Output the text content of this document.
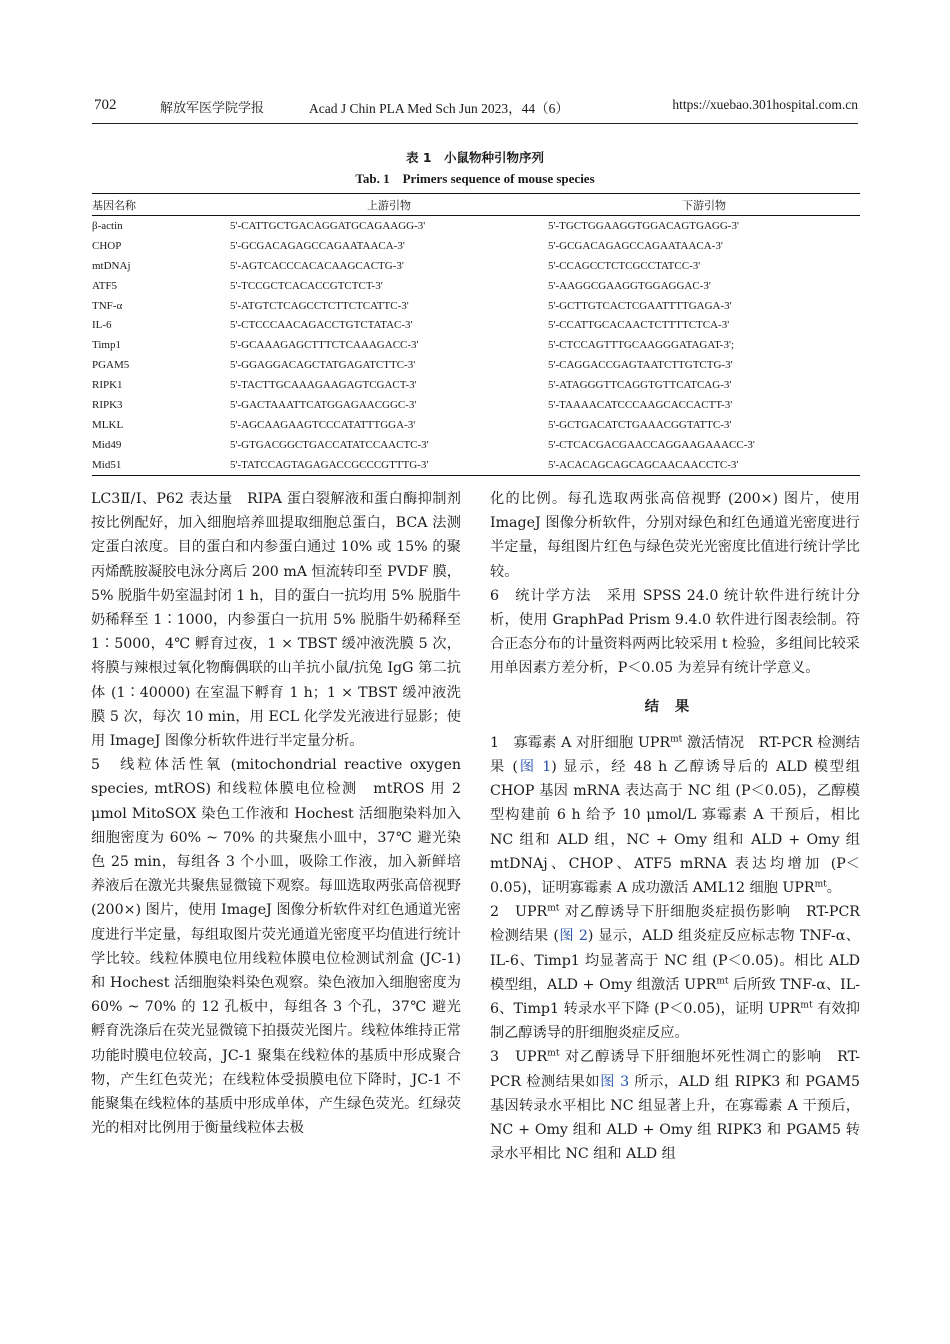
702	解放军医学院学报	Acad J Chin PLA Med Sch Jun 2023，44（6）	https://xuebao.301hospital.com.cn
表 1　小鼠物种引物序列
Tab. 1　Primers sequence of mouse species
基因名称	上游引物	下游引物
β-actin	5'-CATTGCTGACAGGATGCAGAAGG-3'	5'-TGCTGGAAGGTGGACAGTGAGG-3'
CHOP	5'-GCGACAGAGCCAGAATAACA-3'	5'-GCGACAGAGCCAGAATAACA-3'
mtDNAj	5'-AGTCACCCACACAAGCACTG-3'	5'-CCAGCCTCTCGCCTATCC-3'
ATF5	5'-TCCGCTCACACCGTCTCT-3'	5'-AAGGCGAAGGTGGAGGAC-3'
TNF-α	5'-ATGTCTCAGCCTCTTCTCATTC-3'	5'-GCTTGTCACTCGAATTTTGAGA-3'
IL-6	5'-CTCCCAACAGACCTGTCTATAC-3'	5'-CCATTGCACAACTCTTTTCTCA-3'
Timp1	5'-GCAAAGAGCTTTCTCAAAGACC-3'	5'-CTCCAGTTTGCAAGGGATAGAT-3';
PGAM5	5'-GGAGGACAGCTATGAGATCTTC-3'	5'-CAGGACCGAGTAATCTTGTCTG-3'
RIPK1	5'-TACTTGCAAAGAAGAGTCGACT-3'	5'-ATAGGGTTCAGGTGTTCATCAG-3'
RIPK3	5'-GACTAAATTCATGGAGAACGGC-3'	5'-TAAAACATCCCAAGCACCACTT-3'
MLKL	5'-AGCAAGAAGTCCCATATTTGGA-3'	5'-GCTGACATCTGAAACGGTATTC-3'
Mid49	5'-GTGACGGCTGACCATATCCAACTC-3'	5'-CTCACGACGAACCAGGAAGAAACC-3'
Mid51	5'-TATCCAGTAGAGACCGCCCGTTTG-3'	5'-ACACAGCAGCAGCAACAACCTC-3'

LC3Ⅱ/Ⅰ、P62 表达量　RIPA 蛋白裂解液和蛋白酶抑制剂按比例配好，加入细胞培养皿提取细胞总蛋白，BCA 法测定蛋白浓度。目的蛋白和内参蛋白通过 10% 或 15% 的聚丙烯酰胺凝胶电泳分离后 200 mA 恒流转印至 PVDF 膜，5% 脱脂牛奶室温封闭 1 h，目的蛋白一抗均用 5% 脱脂牛奶稀释至 1∶1000，内参蛋白一抗用 5% 脱脂牛奶稀释至 1∶5000，4℃ 孵育过夜，1 × TBST 缓冲液洗膜 5 次，将膜与辣根过氧化物酶偶联的山羊抗小鼠/抗兔 IgG 第二抗体 (1∶40000) 在室温下孵育 1 h；1 × TBST 缓冲液洗膜 5 次，每次 10 min，用 ECL 化学发光液进行显影；使用 ImageJ 图像分析软件进行半定量分析。

5　线粒体活性氧 (mitochondrial reactive oxygen species, mtROS) 和线粒体膜电位检测　mtROS 用 2 μmol MitoSOX 染色工作液和 Hochest 活细胞染料加入细胞密度为 60% ~ 70% 的共聚焦小皿中，37℃ 避光染色 25 min，每组各 3 个小皿，吸除工作液，加入新鲜培养液后在激光共聚焦显微镜下观察。每皿选取两张高倍视野 (200×) 图片，使用 ImageJ 图像分析软件对红色通道光密度进行半定量，每组取图片荧光通道光密度平均值进行统计学比较。线粒体膜电位用线粒体膜电位检测试剂盒 (JC-1) 和 Hochest 活细胞染料染色观察。染色液加入细胞密度为 60% ~ 70% 的 12 孔板中，每组各 3 个孔，37℃ 避光孵育洗涤后在荧光显微镜下拍摄荧光图片。线粒体维持正常功能时膜电位较高，JC-1 聚集在线粒体的基质中形成聚合物，产生红色荧光；在线粒体受损膜电位下降时，JC-1 不能聚集在线粒体的基质中形成单体，产生绿色荧光。红绿荧光的相对比例用于衡量线粒体去极

化的比例。每孔选取两张高倍视野 (200×) 图片，使用 ImageJ 图像分析软件，分别对绿色和红色通道光密度进行半定量，每组图片红色与绿色荧光光密度比值进行统计学比较。

6　统计学方法　采用 SPSS 24.0 统计软件进行统计分析，使用 GraphPad Prism 9.4.0 软件进行图表绘制。符合正态分布的计量资料两两比较采用 t 检验，多组间比较采用单因素方差分析，P＜0.05 为差异有统计学意义。

结果

1　寡霉素 A 对肝细胞 $UPR^{mt}$ 激活情况　RT-PCR 检测结果 (图 1) 显示，经 48 h 乙醇诱导后的 ALD 模型组 CHOP 基因 mRNA 表达高于 NC 组 (P＜0.05)，乙醇模型构建前 6 h 给予 10 μmol/L 寡霉素 A 干预后，相比 NC 组和 ALD 组，NC + Omy 组和 ALD + Omy 组 mtDNAj、CHOP、ATF5 mRNA 表达均增加 (P＜0.05)，证明寡霉素 A 成功激活 AML12 细胞 $UPR^{mt}$。

2　$UPR^{mt}$ 对乙醇诱导下肝细胞炎症损伤影响　RT-PCR 检测结果 (图 2) 显示，ALD 组炎症反应标志物 TNF-α、IL-6、Timp1 均显著高于 NC 组 (P＜0.05)。相比 ALD 模型组，ALD + Omy 组激活 $UPR^{mt}$ 后所致 TNF-α、IL-6、Timp1 转录水平下降 (P＜0.05)，证明 $UPR^{mt}$ 有效抑制乙醇诱导的肝细胞炎症反应。

3　$UPR^{mt}$ 对乙醇诱导下肝细胞坏死性凋亡的影响　RT-PCR 检测结果如图 3 所示，ALD 组 RIPK3 和 PGAM5 基因转录水平相比 NC 组显著上升，在寡霉素 A 干预后，NC + Omy 组和 ALD + Omy 组 RIPK3 和 PGAM5 转录水平相比 NC 组和 ALD 组
